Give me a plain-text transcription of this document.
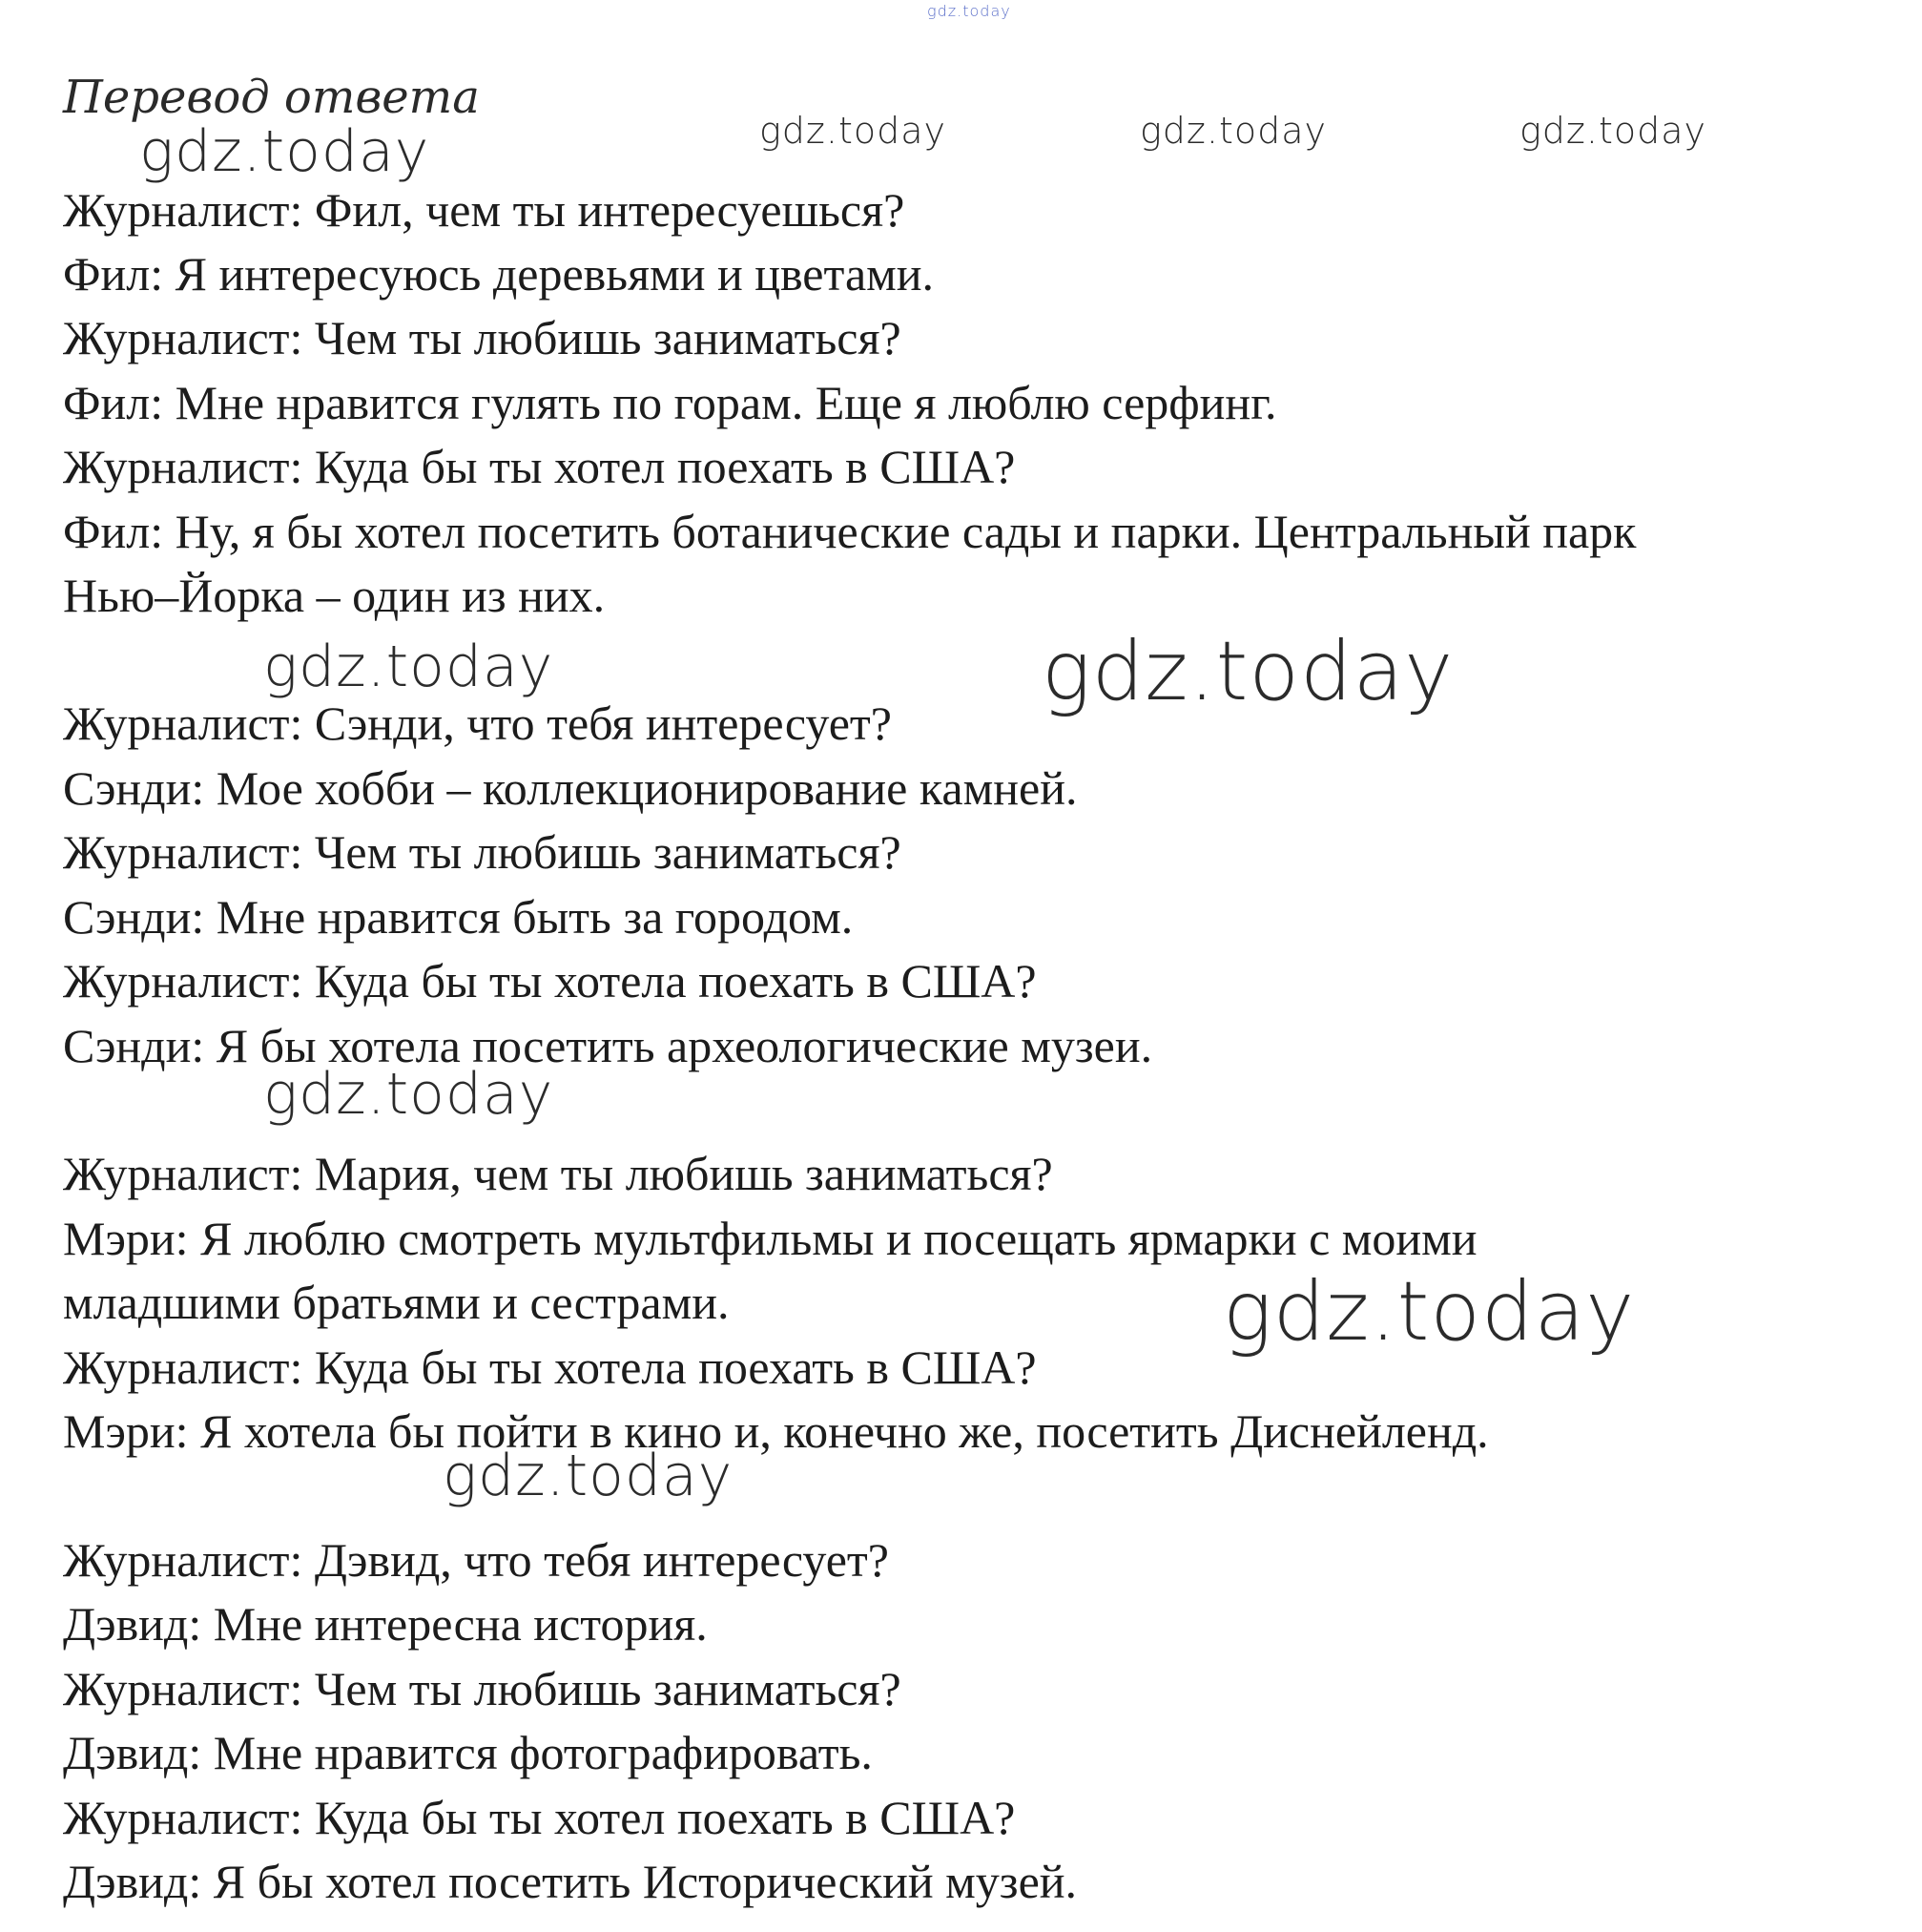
gdz.today
Перевод ответа
gdz.today	gdz.today	gdz.today	gdz.today
gdz.today	gdz.today
gdz.today
gdz.today
gdz.today
Журналист: Фил, чем ты интересуешься?
Фил: Я интересуюсь деревьями и цветами.
Журналист: Чем ты любишь заниматься?
Фил: Мне нравится гулять по горам. Еще я люблю серфинг.
Журналист: Куда бы ты хотел поехать в США?
Фил: Ну, я бы хотел посетить ботанические сады и парки. Центральный парк
Нью–Йорка – один из них.
Журналист: Сэнди, что тебя интересует?
Сэнди: Мое хобби – коллекционирование камней.
Журналист: Чем ты любишь заниматься?
Сэнди: Мне нравится быть за городом.
Журналист: Куда бы ты хотела поехать в США?
Сэнди: Я бы хотела посетить археологические музеи.
Журналист: Мария, чем ты любишь заниматься?
Мэри: Я люблю смотреть мультфильмы и посещать ярмарки с моими
младшими братьями и сестрами.
Журналист: Куда бы ты хотела поехать в США?
Мэри: Я хотела бы пойти в кино и, конечно же, посетить Диснейленд.
Журналист: Дэвид, что тебя интересует?
Дэвид: Мне интересна история.
Журналист: Чем ты любишь заниматься?
Дэвид: Мне нравится фотографировать.
Журналист: Куда бы ты хотел поехать в США?
Дэвид: Я бы хотел посетить Исторический музей.
